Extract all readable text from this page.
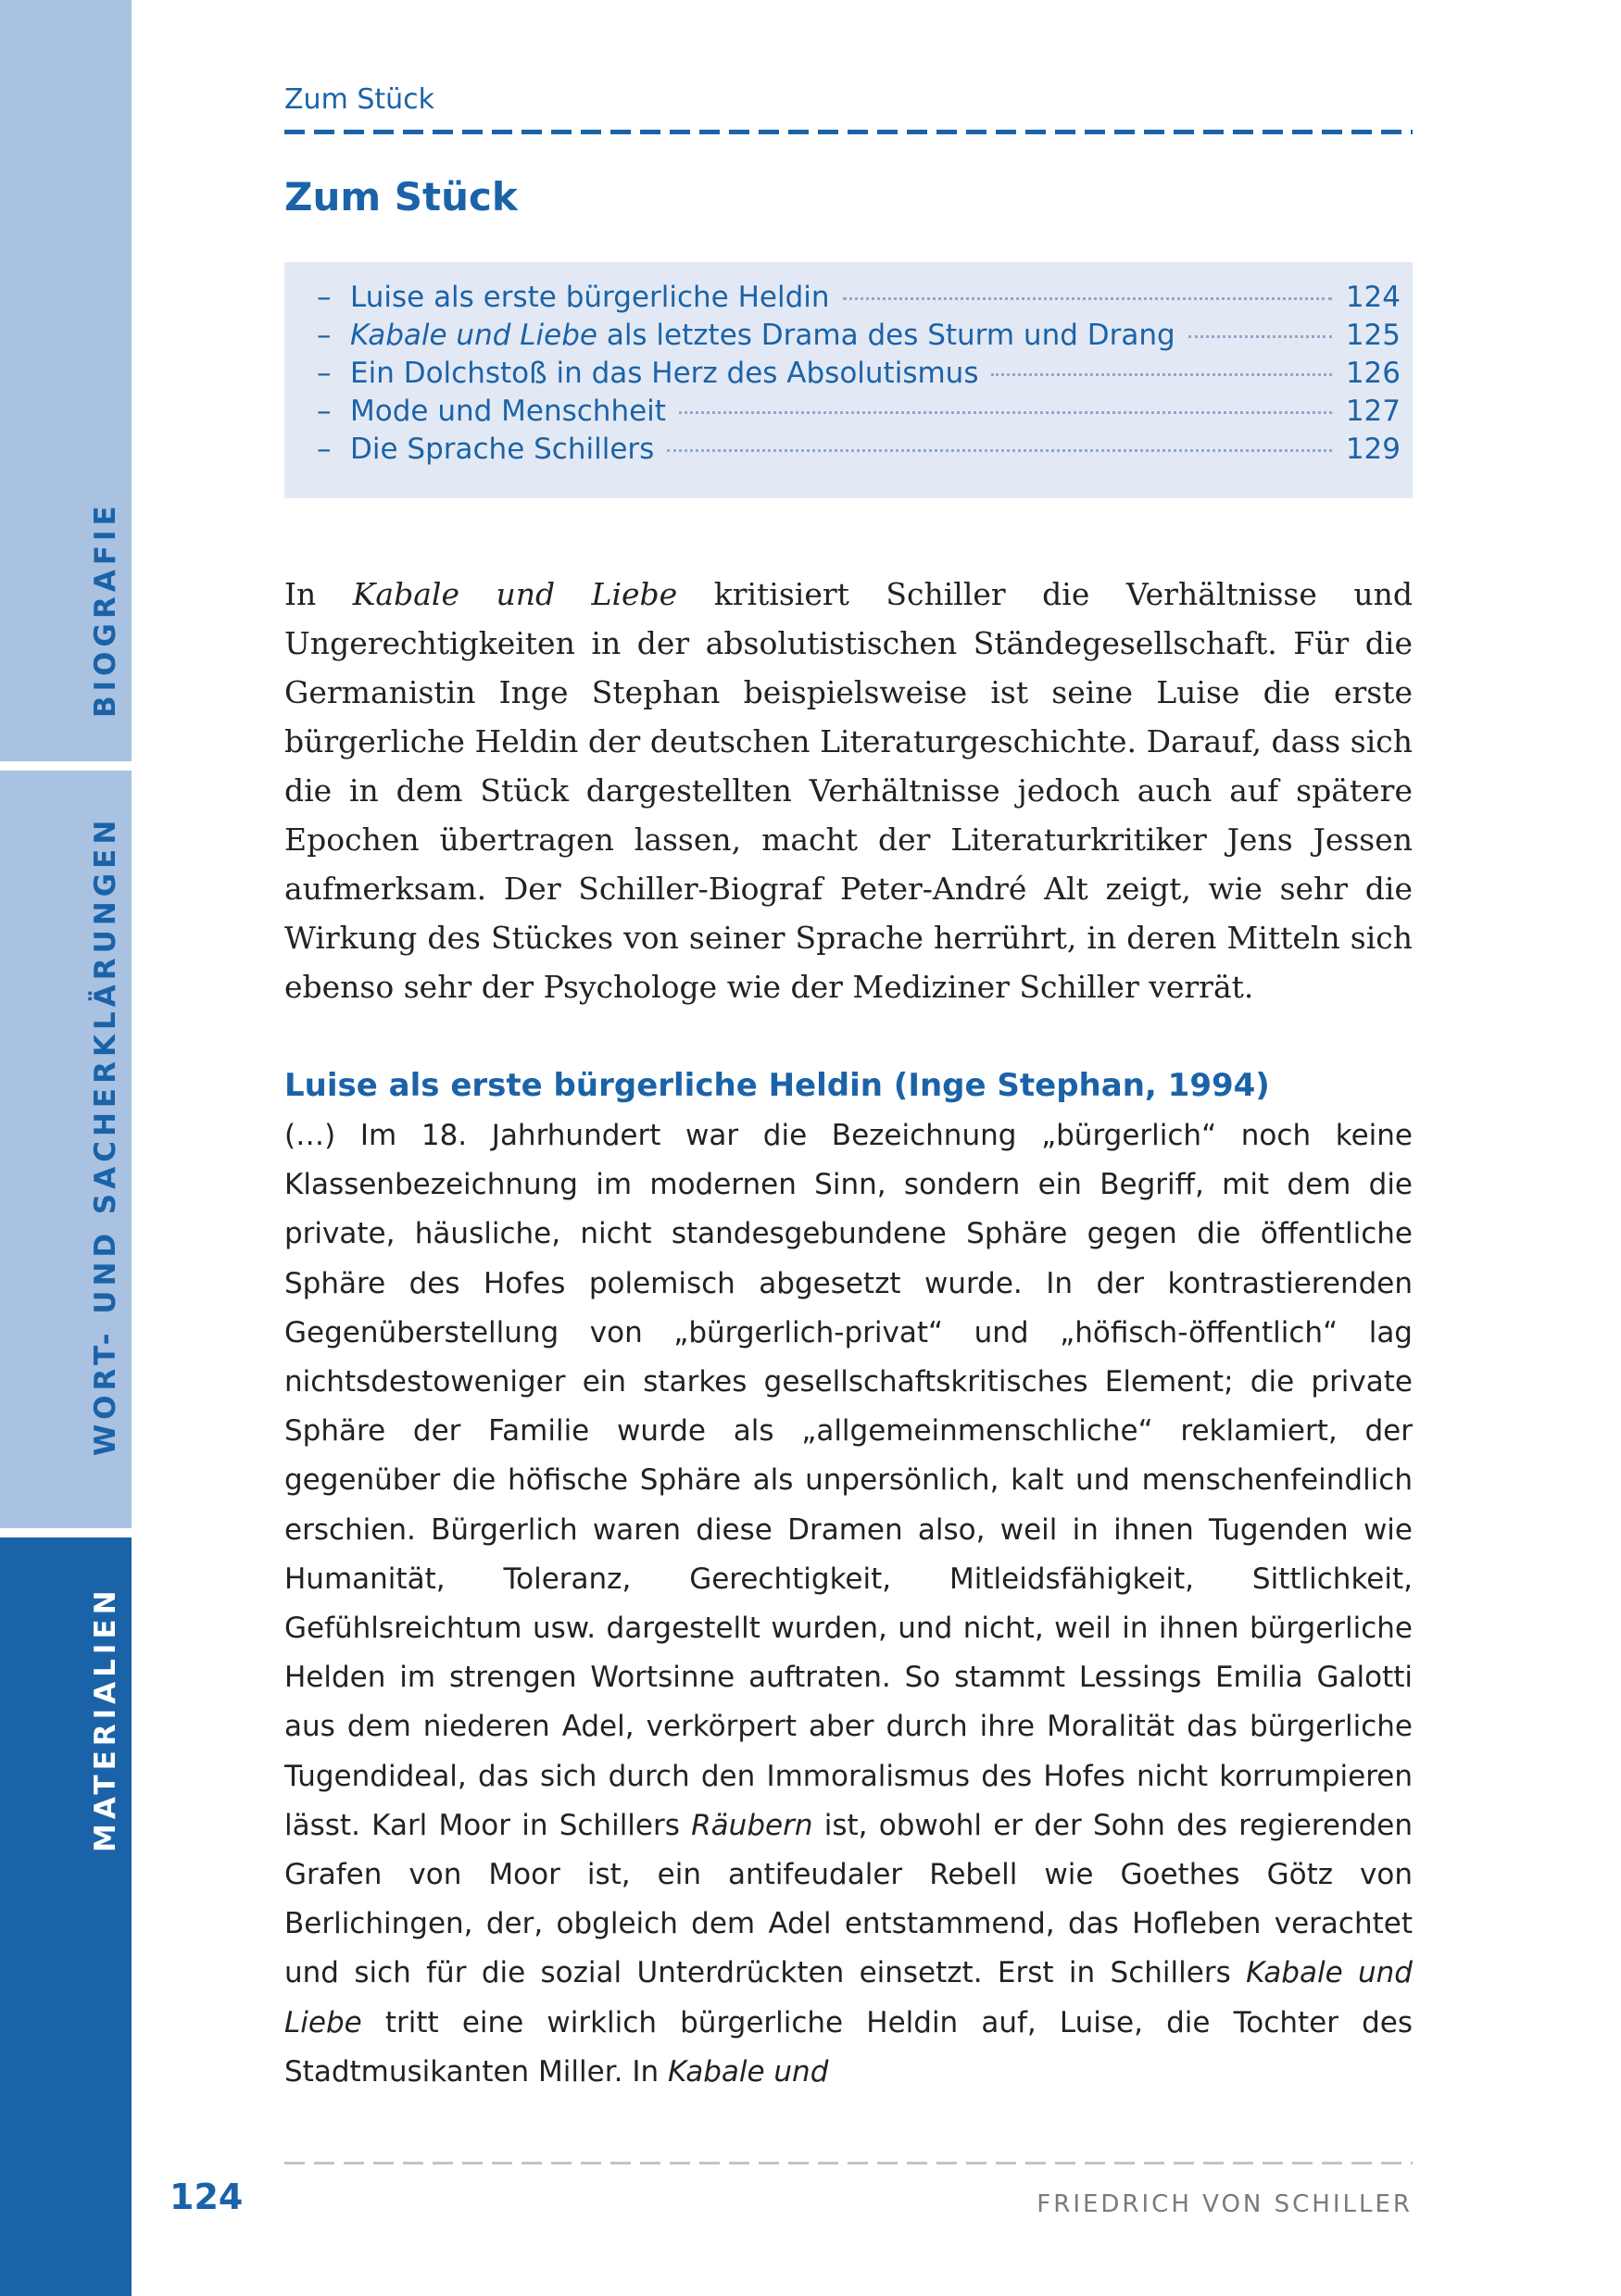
BIOGRAFIE
WORT- UND SACHERKLÄRUNGEN
MATERIALIEN
Zum Stück
Zum Stück
– Luise als erste bürgerliche Heldin	124
– Kabale und Liebe als letztes Drama des Sturm und Drang	125
– Ein Dolchstoß in das Herz des Absolutismus	126
– Mode und Menschheit	127
– Die Sprache Schillers	129

In Kabale und Liebe kritisiert Schiller die Verhältnisse und Ungerechtigkeiten in der absolutistischen Ständegesellschaft. Für die Germanistin Inge Stephan beispielsweise ist seine Luise die erste bürgerliche Heldin der deutschen Literaturgeschichte. Darauf, dass sich die in dem Stück dargestellten Verhältnisse jedoch auch auf spätere Epochen übertragen lassen, macht der Literaturkritiker Jens Jessen aufmerksam. Der Schiller-Biograf Peter-André Alt zeigt, wie sehr die Wirkung des Stückes von seiner Sprache herrührt, in deren Mitteln sich ebenso sehr der Psychologe wie der Mediziner Schiller verrät.

Luise als erste bürgerliche Heldin (Inge Stephan, 1994)

(…) Im 18. Jahrhundert war die Bezeichnung „bürgerlich“ noch keine Klassenbezeichnung im modernen Sinn, sondern ein Begriff, mit dem die private, häusliche, nicht standesgebundene Sphäre gegen die öffentliche Sphäre des Hofes polemisch abgesetzt wurde. In der kontrastierenden Gegenüberstellung von „bürgerlich-privat“ und „höfisch-öffentlich“ lag nichtsdestoweniger ein starkes gesellschaftskritisches Element; die private Sphäre der Familie wurde als „allgemeinmenschliche“ reklamiert, der gegenüber die höfische Sphäre als unpersönlich, kalt und menschenfeindlich erschien. Bürgerlich waren diese Dramen also, weil in ihnen Tugenden wie Humanität, Toleranz, Gerechtigkeit, Mitleidsfähigkeit, Sittlichkeit, Gefühlsreichtum usw. dargestellt wurden, und nicht, weil in ihnen bürgerliche Helden im strengen Wortsinne auftraten. So stammt Lessings Emilia Galotti aus dem niederen Adel, verkörpert aber durch ihre Moralität das bürgerliche Tugendideal, das sich durch den Immoralismus des Hofes nicht korrumpieren lässt. Karl Moor in Schillers Räubern ist, obwohl er der Sohn des regierenden Grafen von Moor ist, ein antifeudaler Rebell wie Goethes Götz von Berlichingen, der, obgleich dem Adel entstammend, das Hofleben verachtet und sich für die sozial Unterdrückten einsetzt. Erst in Schillers Kabale und Liebe tritt eine wirklich bürgerliche Heldin auf, Luise, die Tochter des Stadtmusikanten Miller. In Kabale und

124	FRIEDRICH VON SCHILLER
